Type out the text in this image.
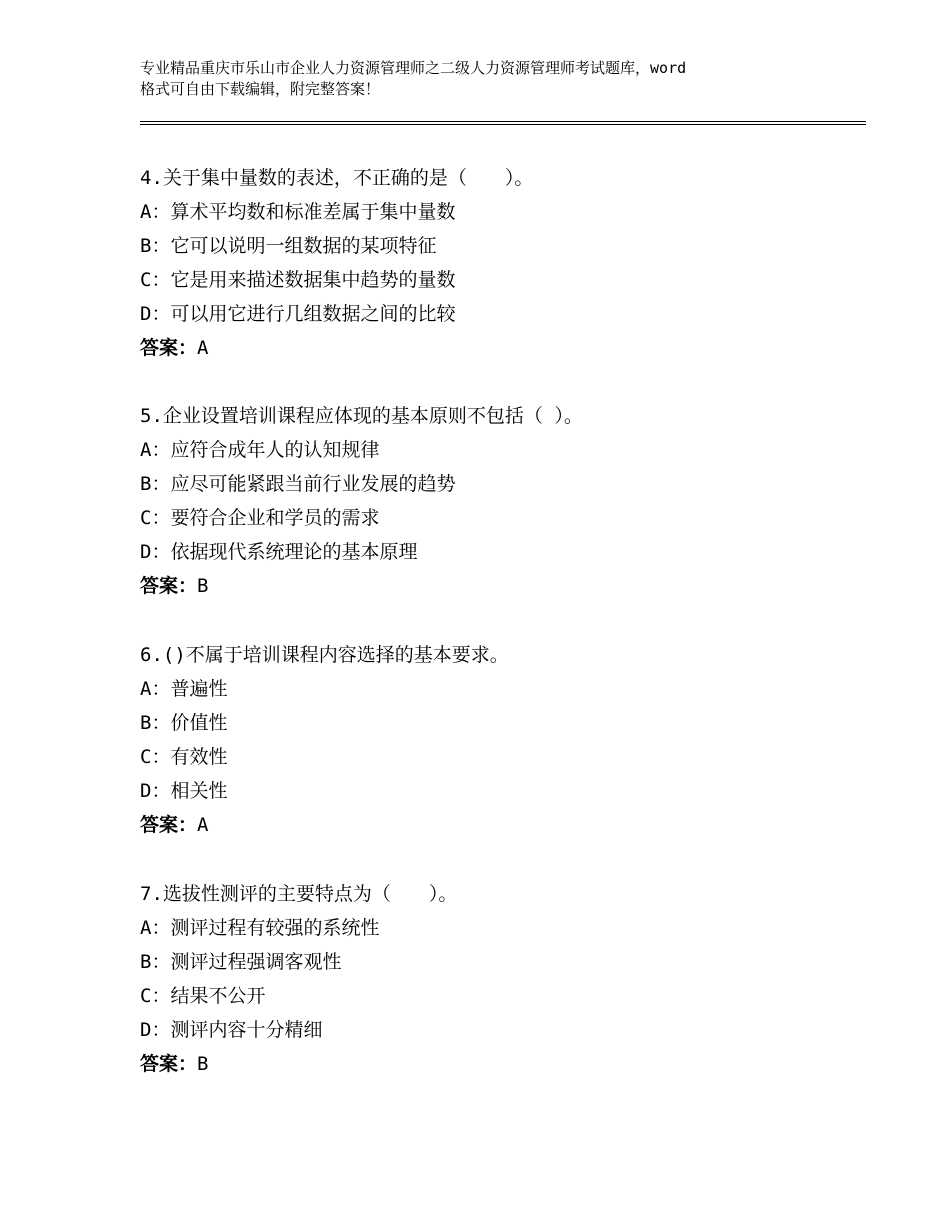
专业精品重庆市乐山市企业人力资源管理师之二级人力资源管理师考试题库，word
格式可自由下载编辑，附完整答案！
4.关于集中量数的表述，不正确的是（　　）。
A：算术平均数和标准差属于集中量数
B：它可以说明一组数据的某项特征
C：它是用来描述数据集中趋势的量数
D：可以用它进行几组数据之间的比较
答案：A
5.企业设置培训课程应体现的基本原则不包括（ ）。
A：应符合成年人的认知规律
B：应尽可能紧跟当前行业发展的趋势
C：要符合企业和学员的需求
D：依据现代系统理论的基本原理
答案：B
6.()不属于培训课程内容选择的基本要求。
A：普遍性
B：价值性
C：有效性
D：相关性
答案：A
7.选拔性测评的主要特点为（　　）。
A：测评过程有较强的系统性
B：测评过程强调客观性
C：结果不公开
D：测评内容十分精细
答案：B
